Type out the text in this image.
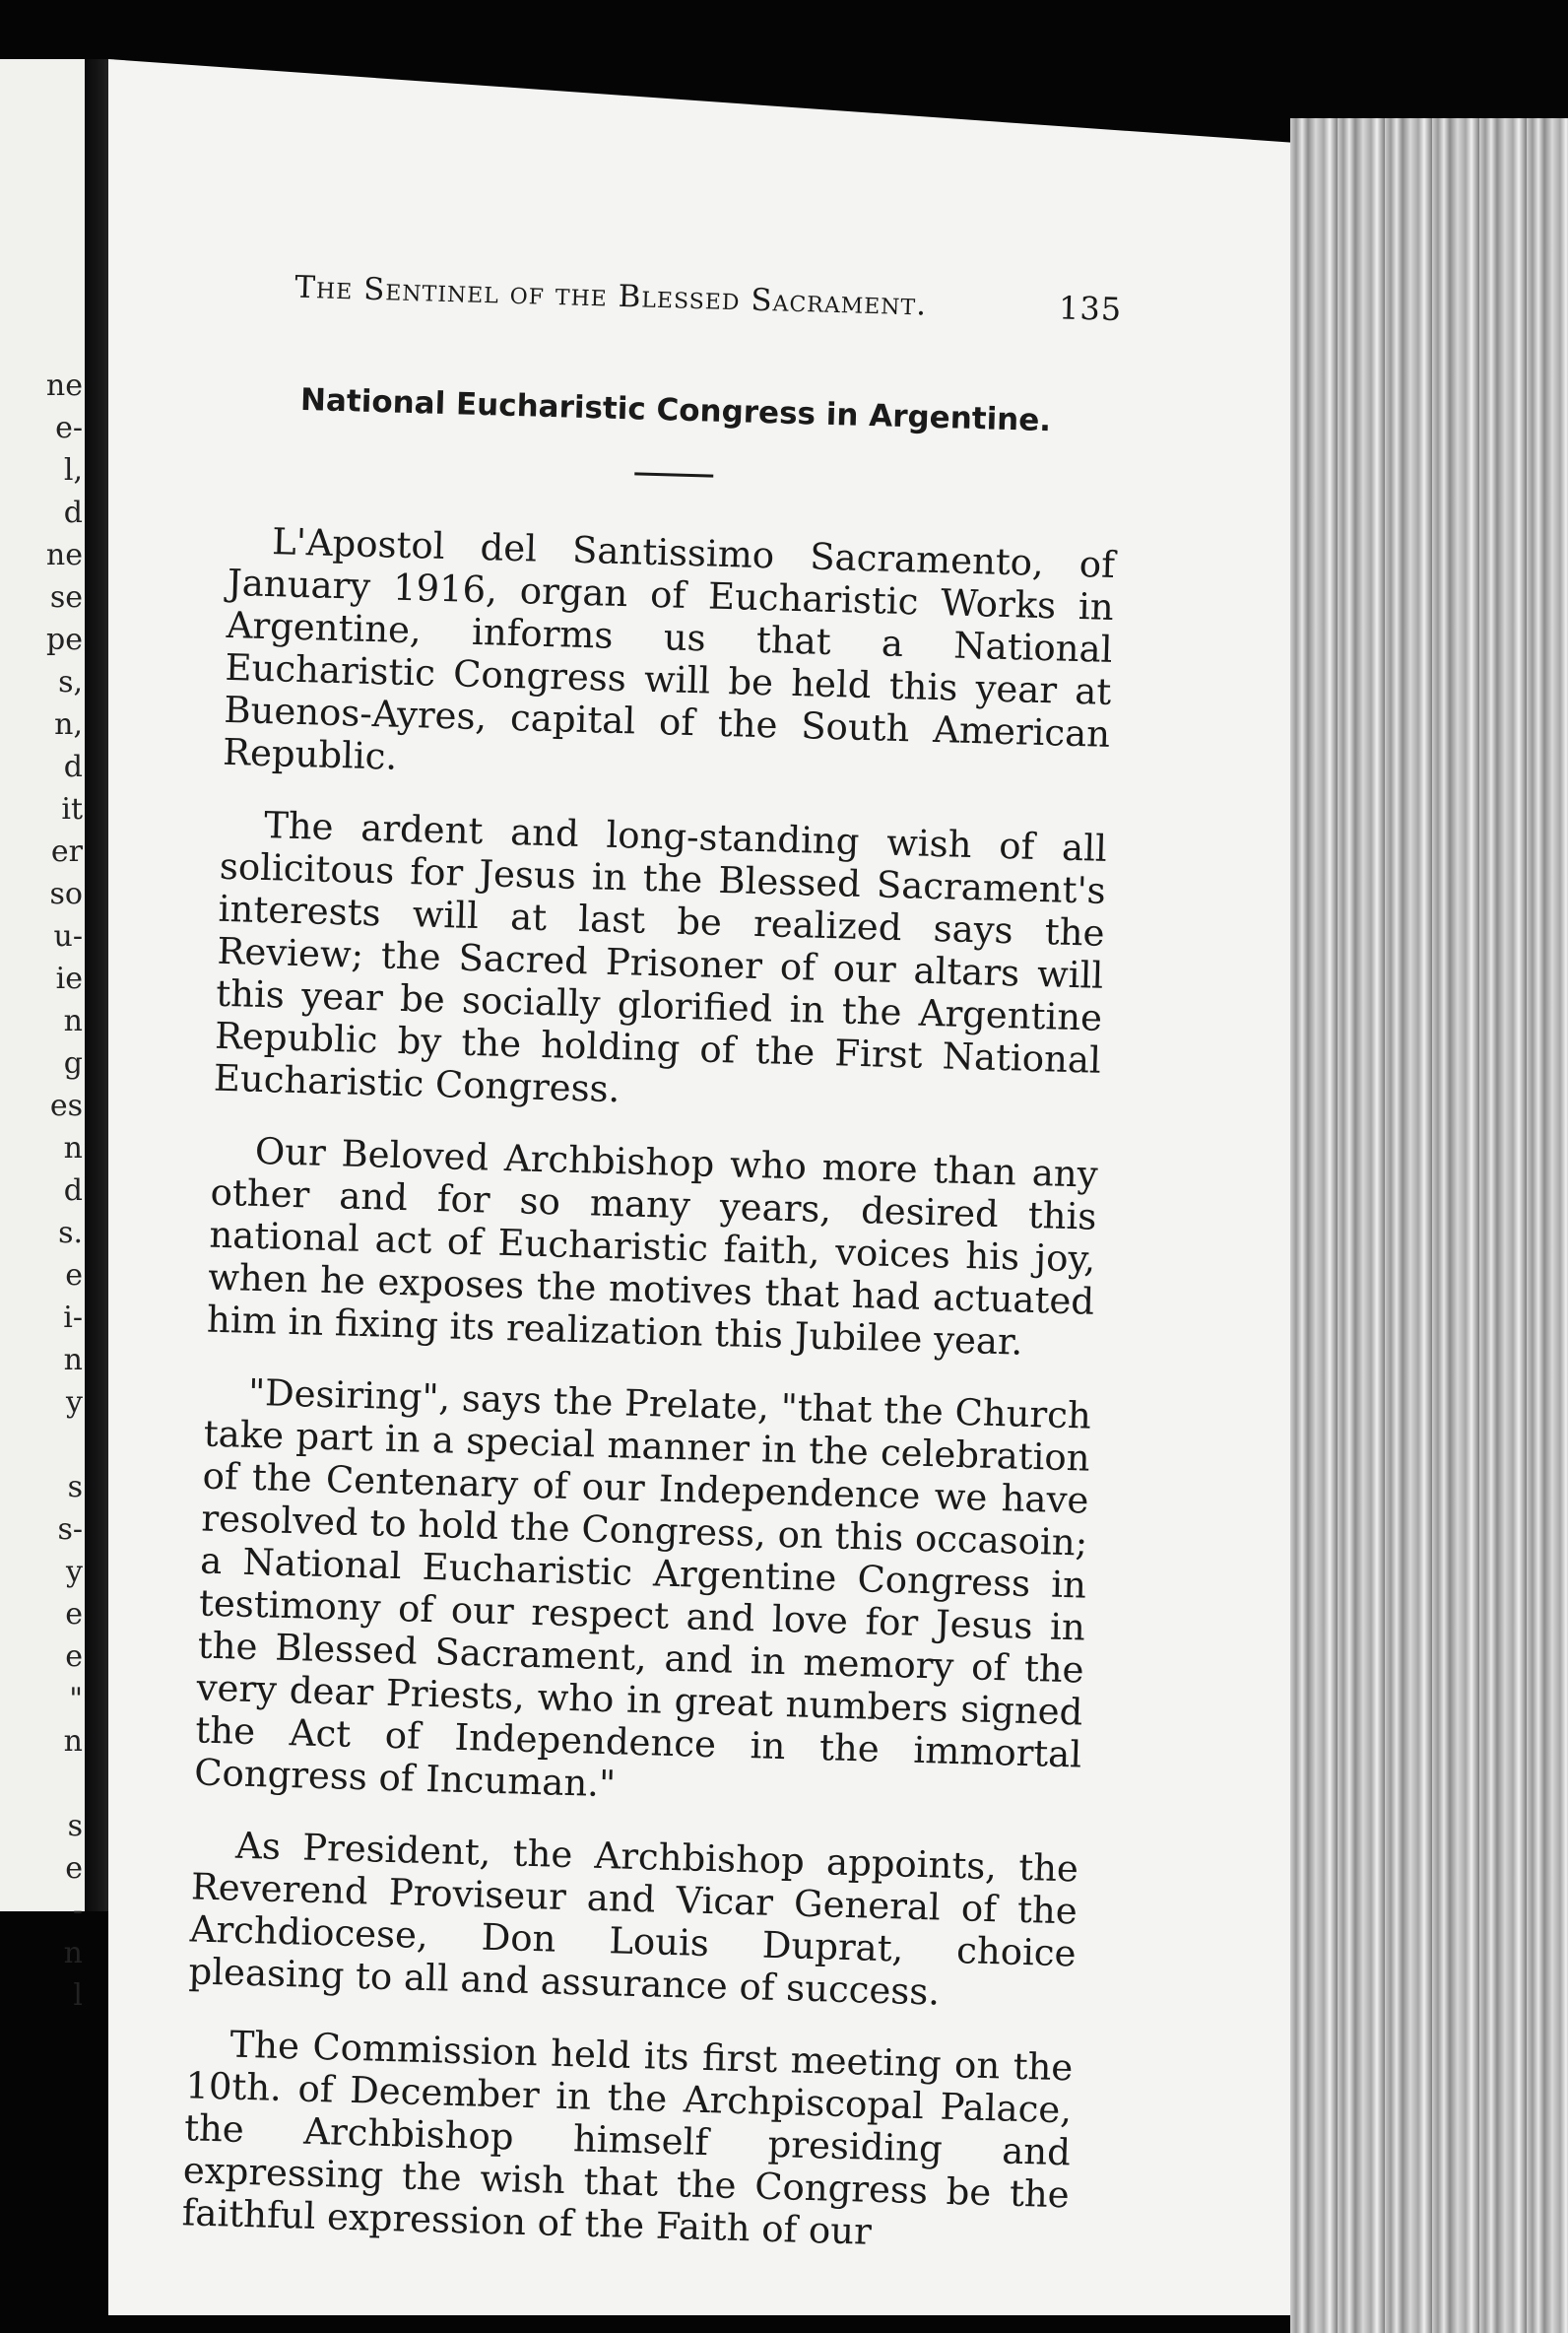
ne
e-
l,
d
ne
se
pe
s,
n,
d
it
er
so
u-
ie
n
g
es
n
d
s.
e
i-
n
y
s
s-
y
e
e
"
n
s
e
-
n
l
The Sentinel of the Blessed Sacrament.	135
National Eucharistic Congress in Argentine.

L'Apostol del Santissimo Sacramento, of January 1916, organ of Eucharistic Works in Argentine, informs us that a National Eucharistic Congress will be held this year at Buenos-Ayres, capital of the South American Republic.

The ardent and long-standing wish of all solicitous for Jesus in the Blessed Sacrament's interests will at last be realized says the Review; the Sacred Prisoner of our altars will this year be socially glorified in the Argentine Republic by the holding of the First National Eucharistic Congress.

Our Beloved Archbishop who more than any other and for so many years, desired this national act of Eucharistic faith, voices his joy, when he exposes the motives that had actuated him in fixing its realization this Jubilee year.

"Desiring", says the Prelate, "that the Church take part in a special manner in the celebration of the Centenary of our Independence we have resolved to hold the Congress, on this occasoin; a National Eucharistic Argentine Congress in testimony of our respect and love for Jesus in the Blessed Sacrament, and in memory of the very dear Priests, who in great numbers signed the Act of Independence in the immortal Congress of Incuman."

As President, the Archbishop appoints, the Reverend Proviseur and Vicar General of the Archdiocese, Don Louis Duprat, choice pleasing to all and assurance of success.

The Commission held its first meeting on the 10th. of December in the Archpiscopal Palace, the Archbishop himself presiding and expressing the wish that the Congress be the faithful expression of the Faith of our
